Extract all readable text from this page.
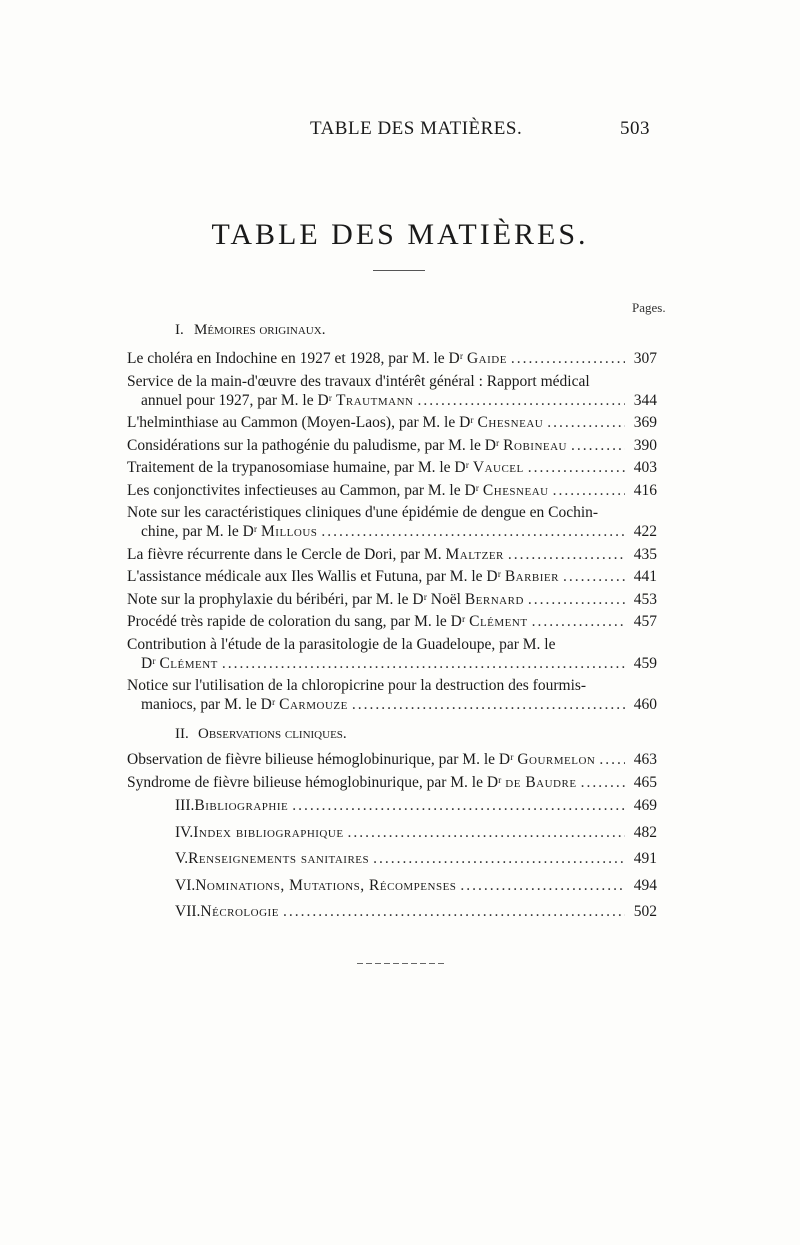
TABLE DES MATIÈRES.	503
TABLE DES MATIÈRES.
Pages.
I. Mémoires originaux.
Le choléra en Indochine en 1927 et 1928, par M. le Dʳ Gaide .....	307
Service de la main-d'œuvre des travaux d'intérêt général : Rapport médical
annuel pour 1927, par M. le Dʳ Trautmann .....	344
L'helminthiase au Cammon (Moyen-Laos), par M. le Dʳ Chesneau .....	369
Considérations sur la pathogénie du paludisme, par M. le Dʳ Robineau .....	390
Traitement de la trypanosomiase humaine, par M. le Dʳ Vaucel .....	403
Les conjonctivites infectieuses au Cammon, par M. le Dʳ Chesneau .....	416
Note sur les caractéristiques cliniques d'une épidémie de dengue en Cochin-
chine, par M. le Dʳ Millous .....	422
La fièvre récurrente dans le Cercle de Dori, par M. Maltzer .....	435
L'assistance médicale aux Iles Wallis et Futuna, par M. le Dʳ Barbier .....	441
Note sur la prophylaxie du béribéri, par M. le Dʳ Noël Bernard .....	453
Procédé très rapide de coloration du sang, par M. le Dʳ Clément .....	457
Contribution à l'étude de la parasitologie de la Guadeloupe, par M. le
Dʳ Clément .....	459
Notice sur l'utilisation de la chloropicrine pour la destruction des fourmis-
maniocs, par M. le Dʳ Carmouze .....	460
II. Observations cliniques.
Observation de fièvre bilieuse hémoglobinurique, par M. le Dʳ Gourmelon .....	463
Syndrome de fièvre bilieuse hémoglobinurique, par M. le Dʳ de Baudre .....	465
III. Bibliographie .....	469
IV. Index bibliographique .....	482
V. Renseignements sanitaires .....	491
VI. Nominations, Mutations, Récompenses .....	494
VII. Nécrologie .....	502
